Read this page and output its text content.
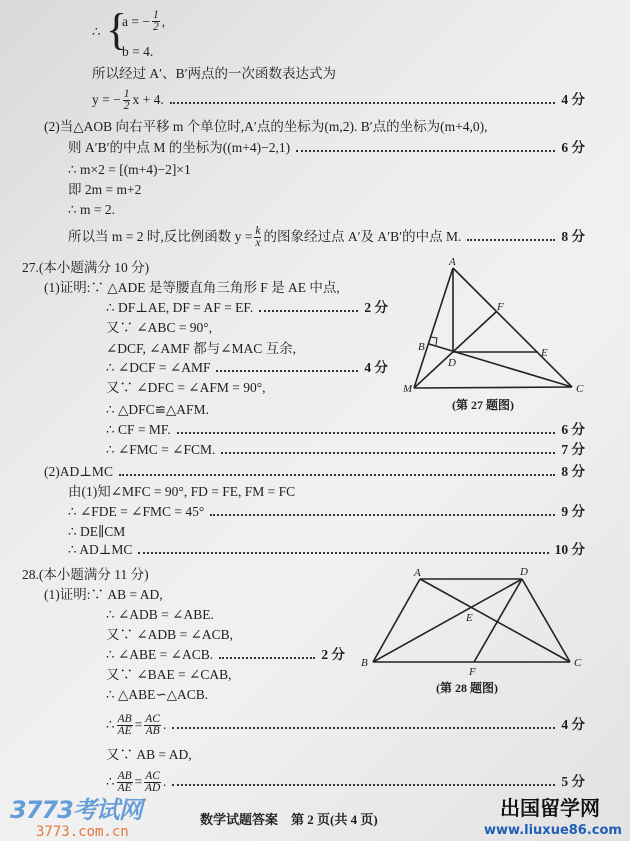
∴ {
a = − $\frac{1}{2}$ ,
b = 4.
所以经过 A′、B′两点的一次函数表达式为
y = − $\frac{1}{2}$ x + 4.	4 分
(2)当△AOB 向右平移 m 个单位时,A′点的坐标为(m,2). B′点的坐标为(m+4,0),
则 A′B′的中点 M 的坐标为((m+4)−2,1)	6 分
∴ m×2 = [(m+4)−2]×1
即 2m = m+2
∴ m = 2.
所以当 m = 2 时,反比例函数 $y = \frac{k}{x}$ 的图象经过点 A′及 A′B′的中点 M.	8 分
27.(本小题满分 10 分)
(1)证明:∵ △ADE 是等腰直角三角形 F 是 AE 中点,
∴ DF⊥AE, DF = AF = EF.	2 分
又∵ ∠ABC = 90°,
∠DCF, ∠AMF 都与∠MAC 互余,
∴ ∠DCF = ∠AMF	4 分
又∵ ∠DFC = ∠AFM = 90°,
∴ △DFC≌△AFM.
∴ CF = MF.	6 分
∴ ∠FMC = ∠FCM.	7 分
(2)AD⊥MC	8 分
由(1)知∠MFC = 90°, FD = FE, FM = FC
∴ ∠FDE = ∠FMC = 45°	9 分
∴ DE∥CM
∴ AD⊥MC	10 分
28.(本小题满分 11 分)
(1)证明:∵ AB = AD,
∴ ∠ADB = ∠ABE.
又∵ ∠ADB = ∠ACB,
∴ ∠ABE = ∠ACB.	2 分
又∵ ∠BAE = ∠CAB,
∴ △ABE∽△ACB.
∴ $\frac{AB}{AE} = \frac{AC}{AB}$ .	4 分
又∵ AB = AD,
∴ $\frac{AB}{AE} = \frac{AC}{AD}$ .	5 分
A
F
B
D
E
M	C
A	D
E
B	C
F
(第 27 题图)
(第 28 题图)
数学试题答案　第 2 页(共 4 页)
3773考试网
3773.com.cn
出国留学网
www.liuxue86.com
